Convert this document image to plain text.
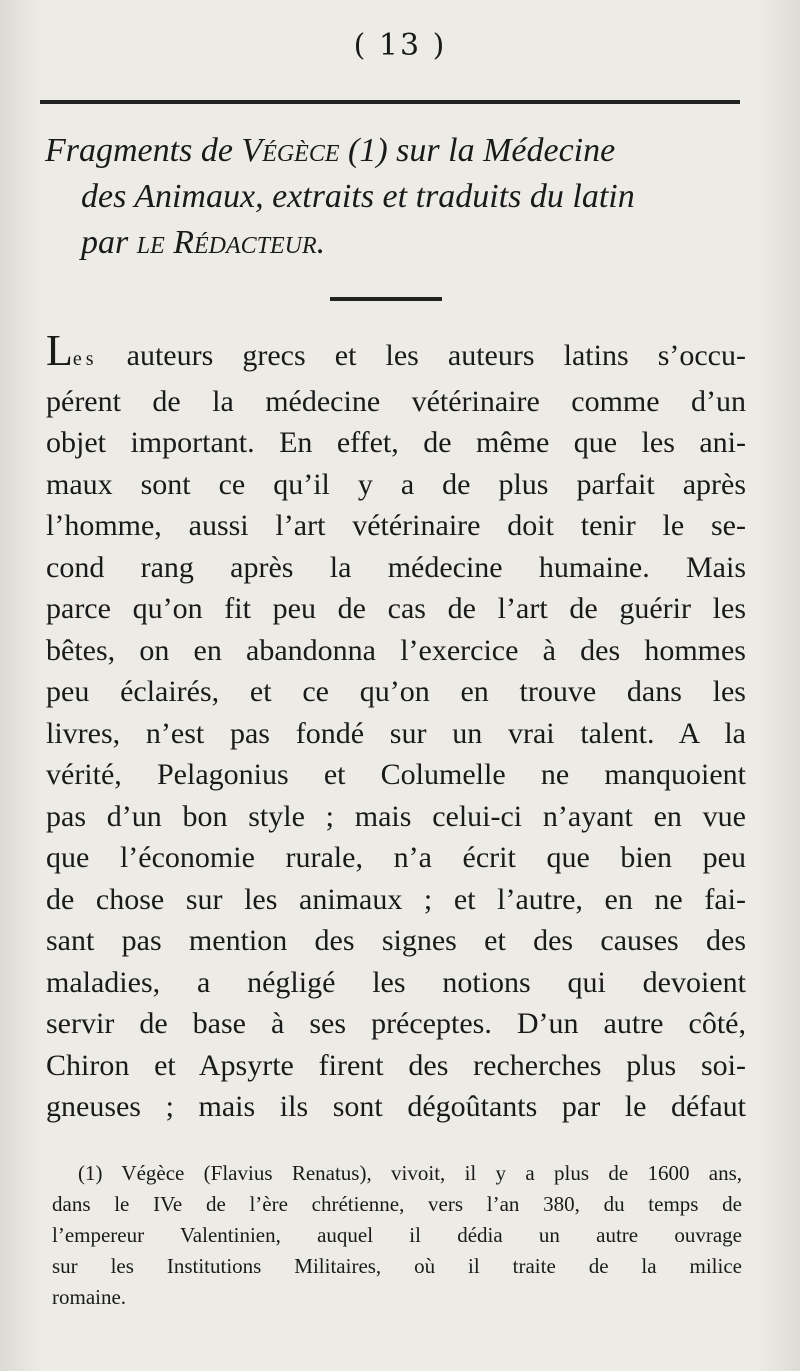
( 13 )
Fragments de Végèce (1) sur la Médecine
des Animaux, extraits et traduits du latin
par le Rédacteur.
Les auteurs grecs et les auteurs latins s’occu-
pérent de la médecine vétérinaire comme d’un
objet important. En effet, de même que les ani-
maux sont ce qu’il y a de plus parfait après
l’homme, aussi l’art vétérinaire doit tenir le se-
cond rang après la médecine humaine. Mais
parce qu’on fit peu de cas de l’art de guérir les
bêtes, on en abandonna l’exercice à des hommes
peu éclairés, et ce qu’on en trouve dans les
livres, n’est pas fondé sur un vrai talent. A la
vérité, Pelagonius et Columelle ne manquoient
pas d’un bon style ; mais celui-ci n’ayant en vue
que l’économie rurale, n’a écrit que bien peu
de chose sur les animaux ; et l’autre, en ne fai-
sant pas mention des signes et des causes des
maladies, a négligé les notions qui devoient
servir de base à ses préceptes. D’un autre côté,
Chiron et Apsyrte firent des recherches plus soi-
gneuses ; mais ils sont dégoûtants par le défaut
(1) Végèce (Flavius Renatus), vivoit, il y a plus de 1600 ans,
dans le IVe de l’ère chrétienne, vers l’an 380, du temps de
l’empereur Valentinien, auquel il dédia un autre ouvrage
sur les Institutions Militaires, où il traite de la milice
romaine.
